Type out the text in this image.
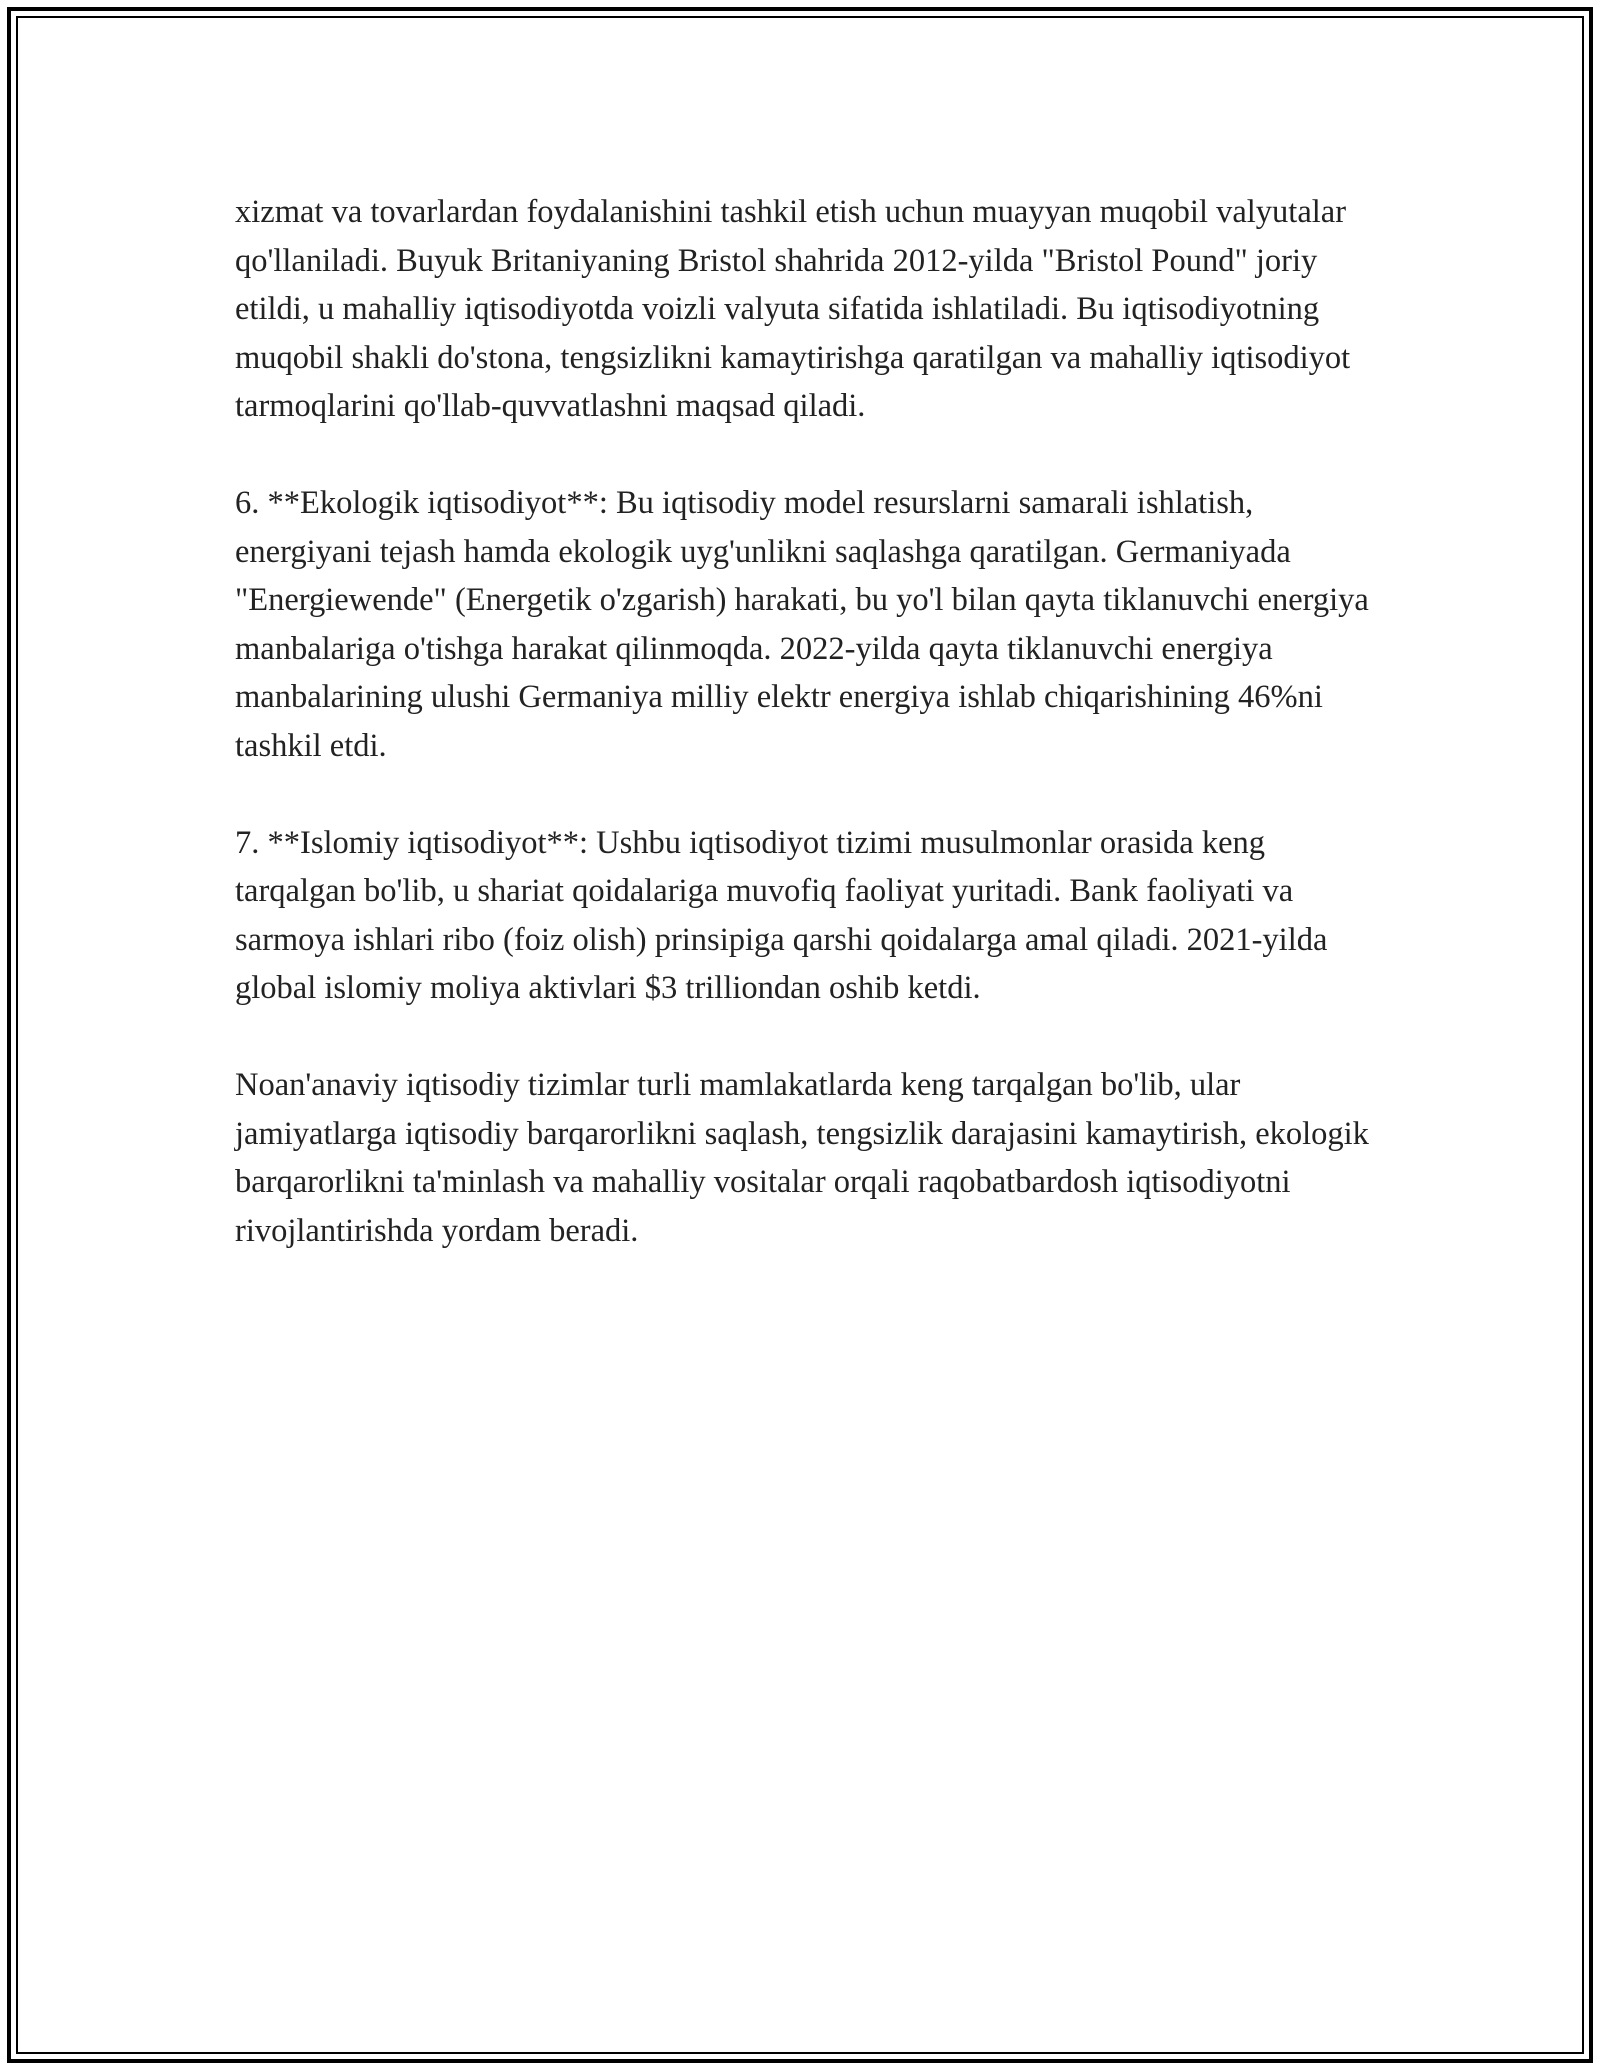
xizmat va tovarlardan foydalanishini tashkil etish uchun muayyan muqobil valyutalar qo'llaniladi. Buyuk Britaniyaning Bristol shahrida 2012-yilda "Bristol Pound" joriy etildi, u mahalliy iqtisodiyotda voizli valyuta sifatida ishlatiladi. Bu iqtisodiyotning muqobil shakli do'stona, tengsizlikni kamaytirishga qaratilgan va mahalliy iqtisodiyot tarmoqlarini qo'llab-quvvatlashni maqsad qiladi.

6. **Ekologik iqtisodiyot**: Bu iqtisodiy model resurslarni samarali ishlatish, energiyani tejash hamda ekologik uyg'unlikni saqlashga qaratilgan. Germaniyada "Energiewende" (Energetik o'zgarish) harakati, bu yo'l bilan qayta tiklanuvchi energiya manbalariga o'tishga harakat qilinmoqda. 2022-yilda qayta tiklanuvchi energiya manbalarining ulushi Germaniya milliy elektr energiya ishlab chiqarishining 46%ni tashkil etdi.

7. **Islomiy iqtisodiyot**: Ushbu iqtisodiyot tizimi musulmonlar orasida keng tarqalgan bo'lib, u shariat qoidalariga muvofiq faoliyat yuritadi. Bank faoliyati va sarmoya ishlari ribo (foiz olish) prinsipiga qarshi qoidalarga amal qiladi. 2021-yilda global islomiy moliya aktivlari $3 trilliondan oshib ketdi.

Noan'anaviy iqtisodiy tizimlar turli mamlakatlarda keng tarqalgan bo'lib, ular jamiyatlarga iqtisodiy barqarorlikni saqlash, tengsizlik darajasini kamaytirish, ekologik barqarorlikni ta'minlash va mahalliy vositalar orqali raqobatbardosh iqtisodiyotni rivojlantirishda yordam beradi.
